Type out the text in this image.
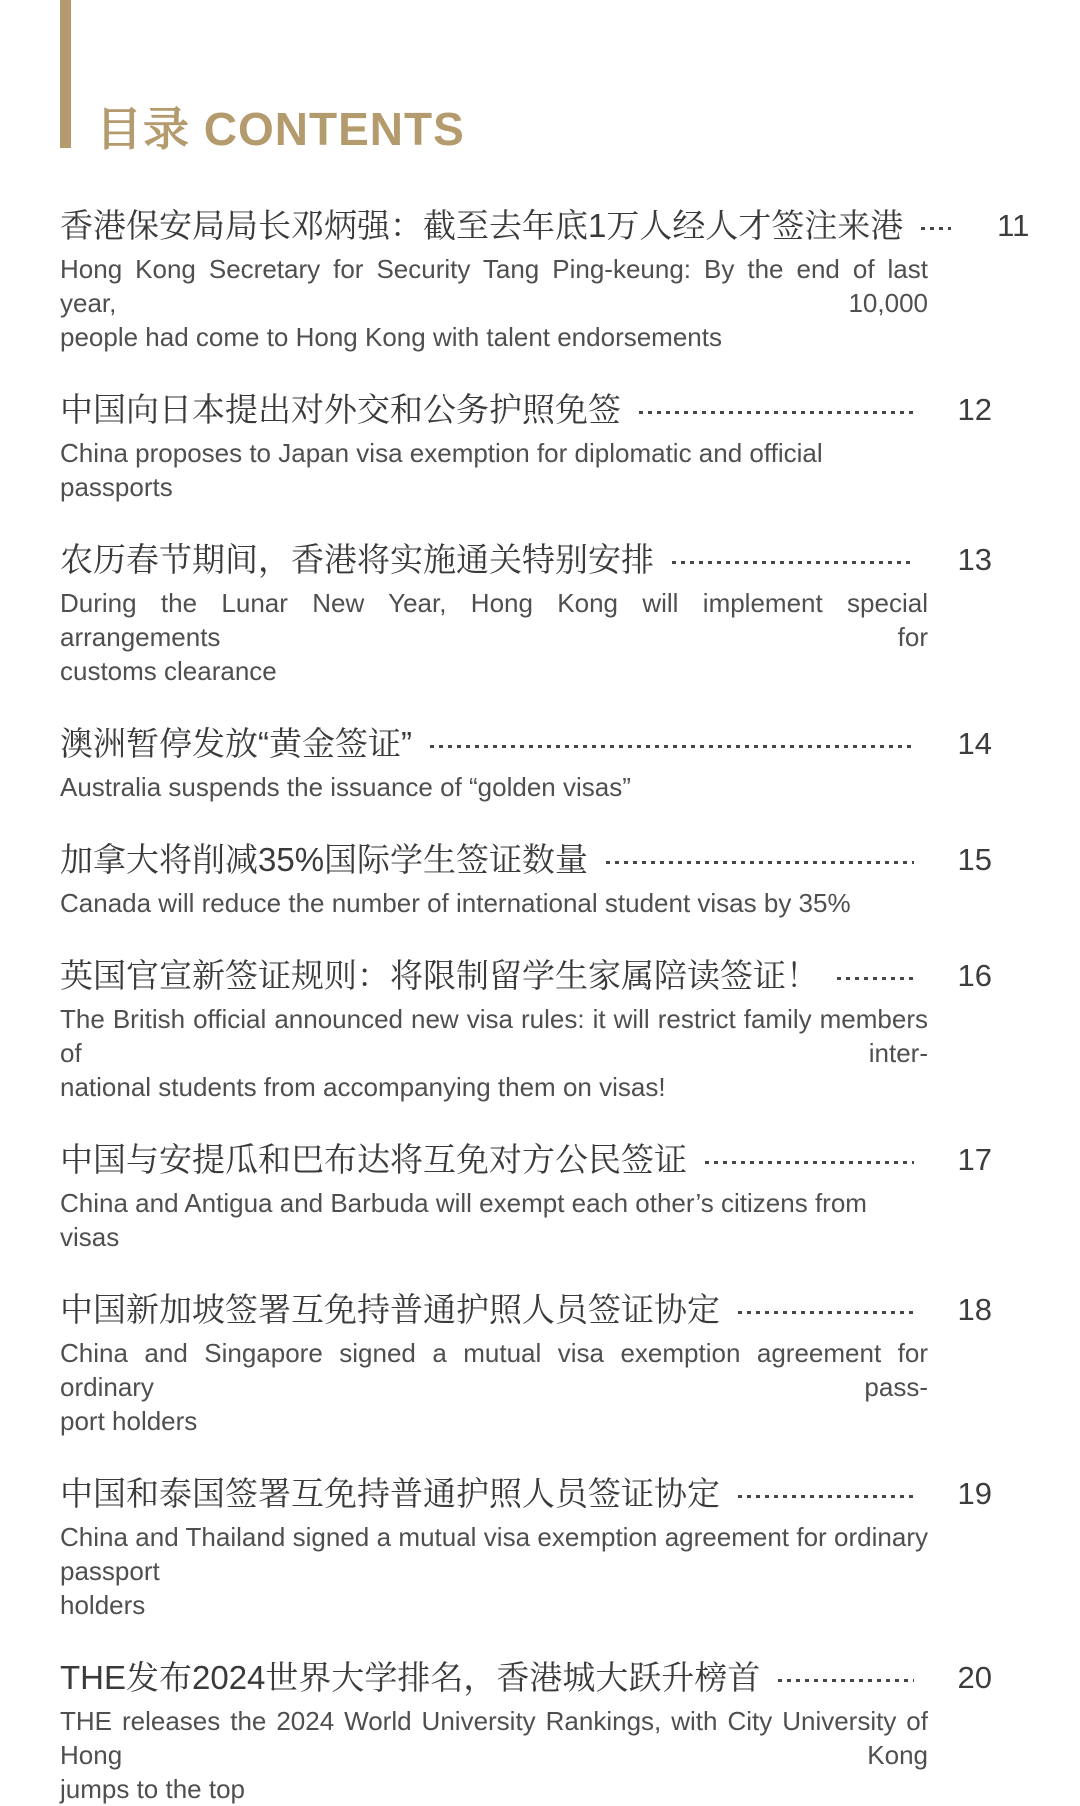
目录 CONTENTS
香港保安局局长邓炳强：截至去年底1万人经人才签注来港	11
Hong Kong Secretary for Security Tang Ping-keung: By the end of last year, 10,000
people had come to Hong Kong with talent endorsements
中国向日本提出对外交和公务护照免签	12
China proposes to Japan visa exemption for diplomatic and official passports
农历春节期间，香港将实施通关特别安排	13
During the Lunar New Year, Hong Kong will implement special arrangements for
customs clearance
澳洲暂停发放“黄金签证”	14
Australia suspends the issuance of “golden visas”
加拿大将削减35%国际学生签证数量	15
Canada will reduce the number of international student visas by 35%
英国官宣新签证规则：将限制留学生家属陪读签证！	16
The British official announced new visa rules: it will restrict family members of inter-
national students from accompanying them on visas!
中国与安提瓜和巴布达将互免对方公民签证	17
China and Antigua and Barbuda will exempt each other’s citizens from visas
中国新加坡签署互免持普通护照人员签证协定	18
China and Singapore signed a mutual visa exemption agreement for ordinary pass-
port holders
中国和泰国签署互免持普通护照人员签证协定	19
China and Thailand signed a mutual visa exemption agreement for ordinary passport
holders
THE发布2024世界大学排名，香港城大跃升榜首	20
THE releases the 2024 World University Rankings, with City University of Hong Kong
jumps to the top
